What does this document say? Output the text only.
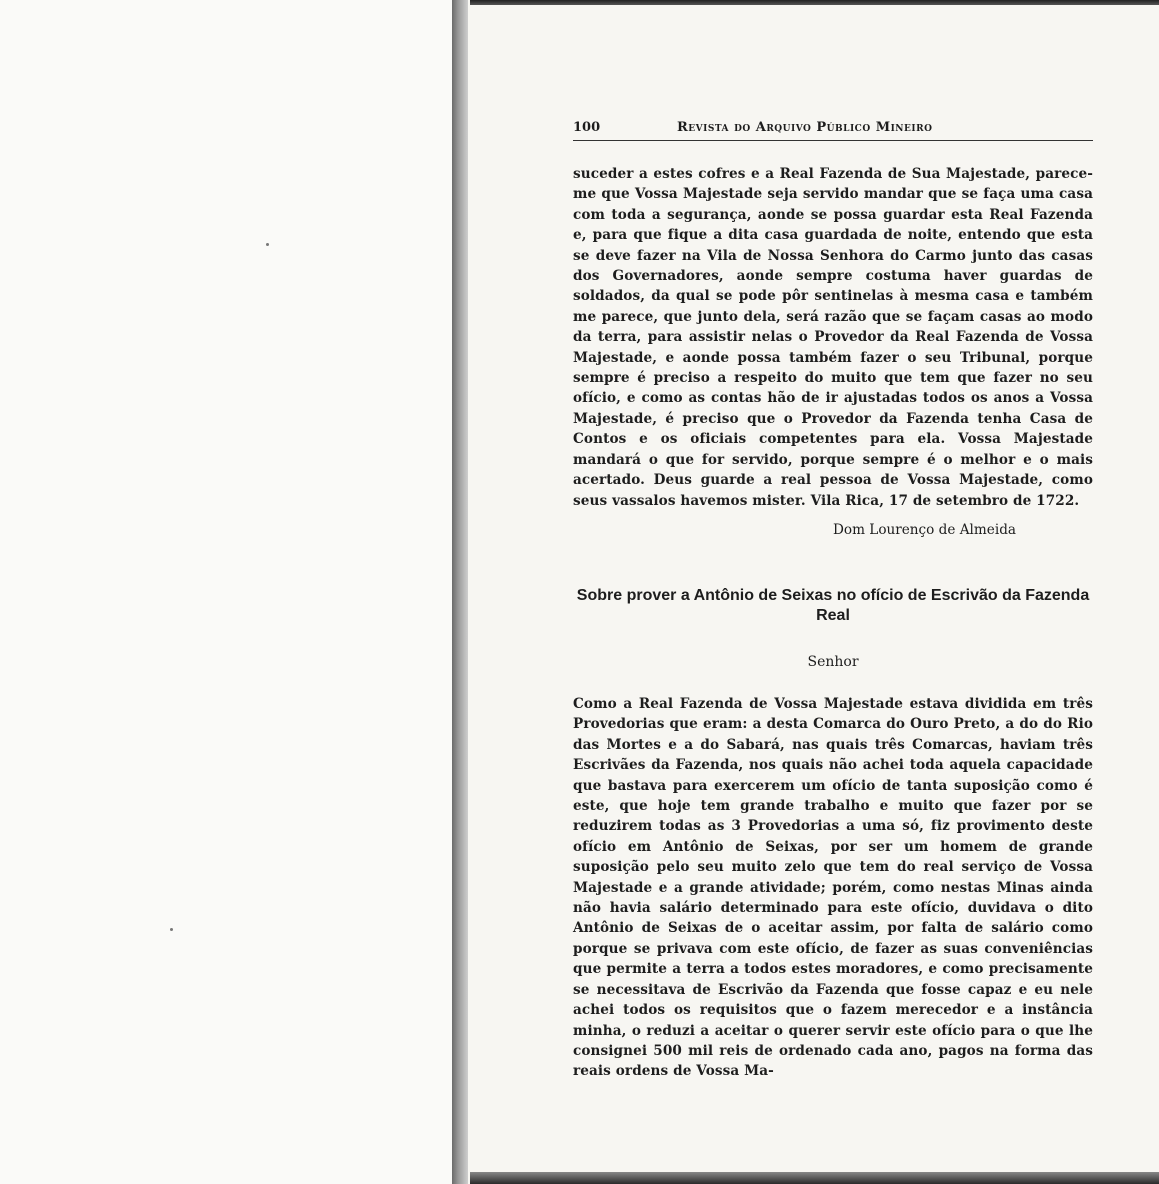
100	Revista do Arquivo Público Mineiro

suceder a estes cofres e a Real Fazenda de Sua Majestade, parece-me que Vossa Majestade seja servido mandar que se faça uma casa com toda a segurança, aonde se possa guardar esta Real Fazenda e, para que fique a dita casa guardada de noite, entendo que esta se deve fazer na Vila de Nossa Senhora do Carmo junto das casas dos Governadores, aonde sempre costuma haver guardas de soldados, da qual se pode pôr sentinelas à mesma casa e também me parece, que junto dela, será razão que se façam casas ao modo da terra, para assistir nelas o Provedor da Real Fazenda de Vossa Majestade, e aonde possa também fazer o seu Tribunal, porque sempre é preciso a respeito do muito que tem que fazer no seu ofício, e como as contas hão de ir ajustadas todos os anos a Vossa Majestade, é preciso que o Provedor da Fazenda tenha Casa de Contos e os oficiais competentes para ela. Vossa Majestade mandará o que for servido, porque sempre é o melhor e o mais acertado. Deus guarde a real pessoa de Vossa Majestade, como seus vassalos havemos mister. Vila Rica, 17 de setembro de 1722.

Dom Lourenço de Almeida
Sobre prover a Antônio de Seixas no ofício de Escrivão da Fazenda Real
Senhor

Como a Real Fazenda de Vossa Majestade estava dividida em três Provedorias que eram: a desta Comarca do Ouro Preto, a do do Rio das Mortes e a do Sabará, nas quais três Comarcas, haviam três Escrivães da Fazenda, nos quais não achei toda aquela capacidade que bastava para exercerem um ofício de tanta suposição como é este, que hoje tem grande trabalho e muito que fazer por se reduzirem todas as 3 Provedorias a uma só, fiz provimento deste ofício em Antônio de Seixas, por ser um homem de grande suposição pelo seu muito zelo que tem do real serviço de Vossa Majestade e a grande atividade; porém, como nestas Minas ainda não havia salário determinado para este ofício, duvidava o dito Antônio de Seixas de o aceitar assim, por falta de salário como porque se privava com este ofício, de fazer as suas conveniências que permite a terra a todos estes moradores, e como precisamente se necessitava de Escrivão da Fazenda que fosse capaz e eu nele achei todos os requisitos que o fazem merecedor e a instância minha, o reduzi a aceitar o querer servir este ofício para o que lhe consignei 500 mil reis de ordenado cada ano, pagos na forma das reais ordens de Vossa Ma-
